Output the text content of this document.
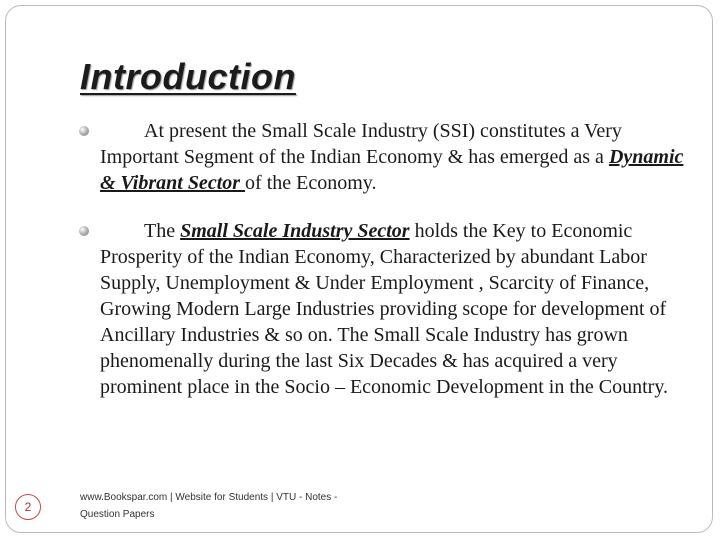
Introduction
At present the Small Scale Industry (SSI) constitutes a Very Important Segment of the Indian Economy & has emerged as a Dynamic & Vibrant Sector of the Economy.
The Small Scale Industry Sector holds the Key to Economic Prosperity of the Indian Economy, Characterized by abundant Labor Supply, Unemployment & Under Employment , Scarcity of Finance, Growing Modern Large Industries providing scope for development of Ancillary Industries & so on. The Small Scale Industry has grown phenomenally during the last Six Decades & has acquired a very prominent place in the Socio – Economic Development in the Country.
2
www.Bookspar.com | Website for Students | VTU - Notes - Question Papers
